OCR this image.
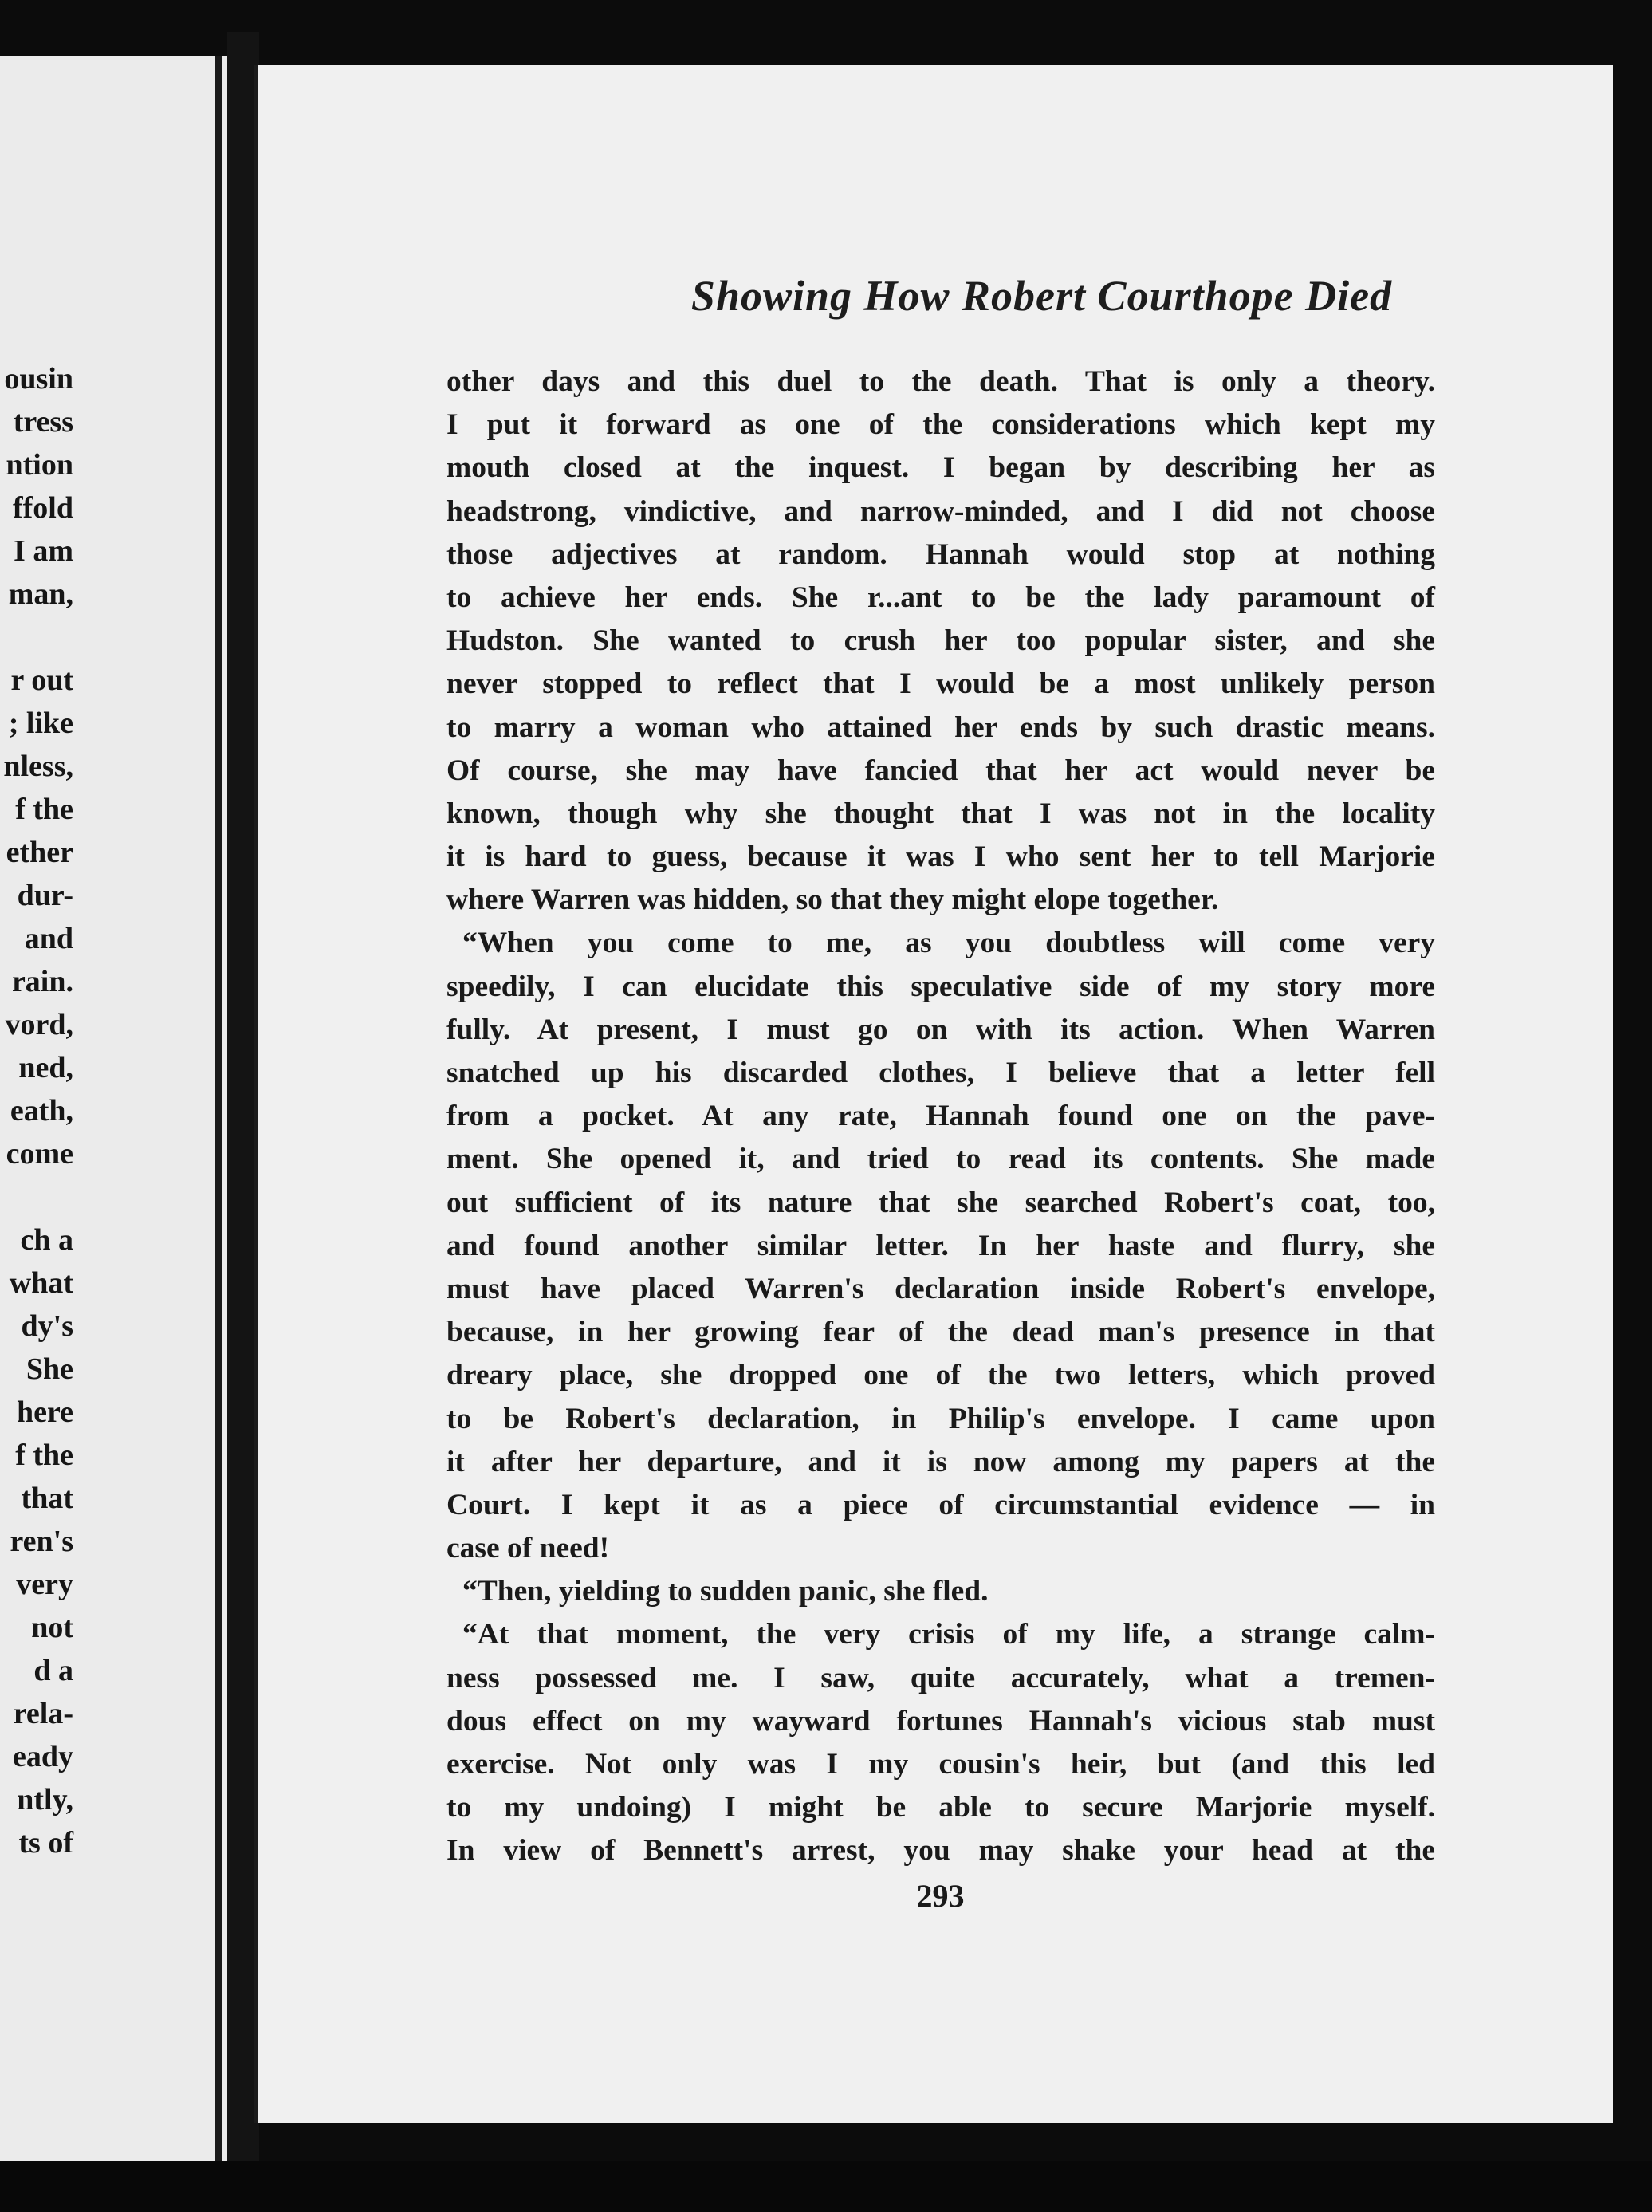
ousin
tress
ntion
ffold
I am
man,
r out
; like
nless,
f the
ether
dur-
and
rain.
vord,
ned,
eath,
come
ch a
what
dy's
She
here
f the
that
ren's
very
not
d a
rela-
eady
ntly,
ts of
Showing How Robert Courthope Died
other days and this duel to the death. That is only a theory.
I put it forward as one of the considerations which kept my
mouth closed at the inquest. I began by describing her as
headstrong, vindictive, and narrow-minded, and I did not choose
those adjectives at random. Hannah would stop at nothing
to achieve her ends. She r...ant to be the lady paramount of
Hudston. She wanted to crush her too popular sister, and she
never stopped to reflect that I would be a most unlikely person
to marry a woman who attained her ends by such drastic means.
Of course, she may have fancied that her act would never be
known, though why she thought that I was not in the locality
it is hard to guess, because it was I who sent her to tell Marjorie
where Warren was hidden, so that they might elope together.
“When you come to me, as you doubtless will come very
speedily, I can elucidate this speculative side of my story more
fully. At present, I must go on with its action. When Warren
snatched up his discarded clothes, I believe that a letter fell
from a pocket. At any rate, Hannah found one on the pave-
ment. She opened it, and tried to read its contents. She made
out sufficient of its nature that she searched Robert's coat, too,
and found another similar letter. In her haste and flurry, she
must have placed Warren's declaration inside Robert's envelope,
because, in her growing fear of the dead man's presence in that
dreary place, she dropped one of the two letters, which proved
to be Robert's declaration, in Philip's envelope. I came upon
it after her departure, and it is now among my papers at the
Court. I kept it as a piece of circumstantial evidence — in
case of need!
“Then, yielding to sudden panic, she fled.
“At that moment, the very crisis of my life, a strange calm-
ness possessed me. I saw, quite accurately, what a tremen-
dous effect on my wayward fortunes Hannah's vicious stab must
exercise. Not only was I my cousin's heir, but (and this led
to my undoing) I might be able to secure Marjorie myself.
In view of Bennett's arrest, you may shake your head at the
293
